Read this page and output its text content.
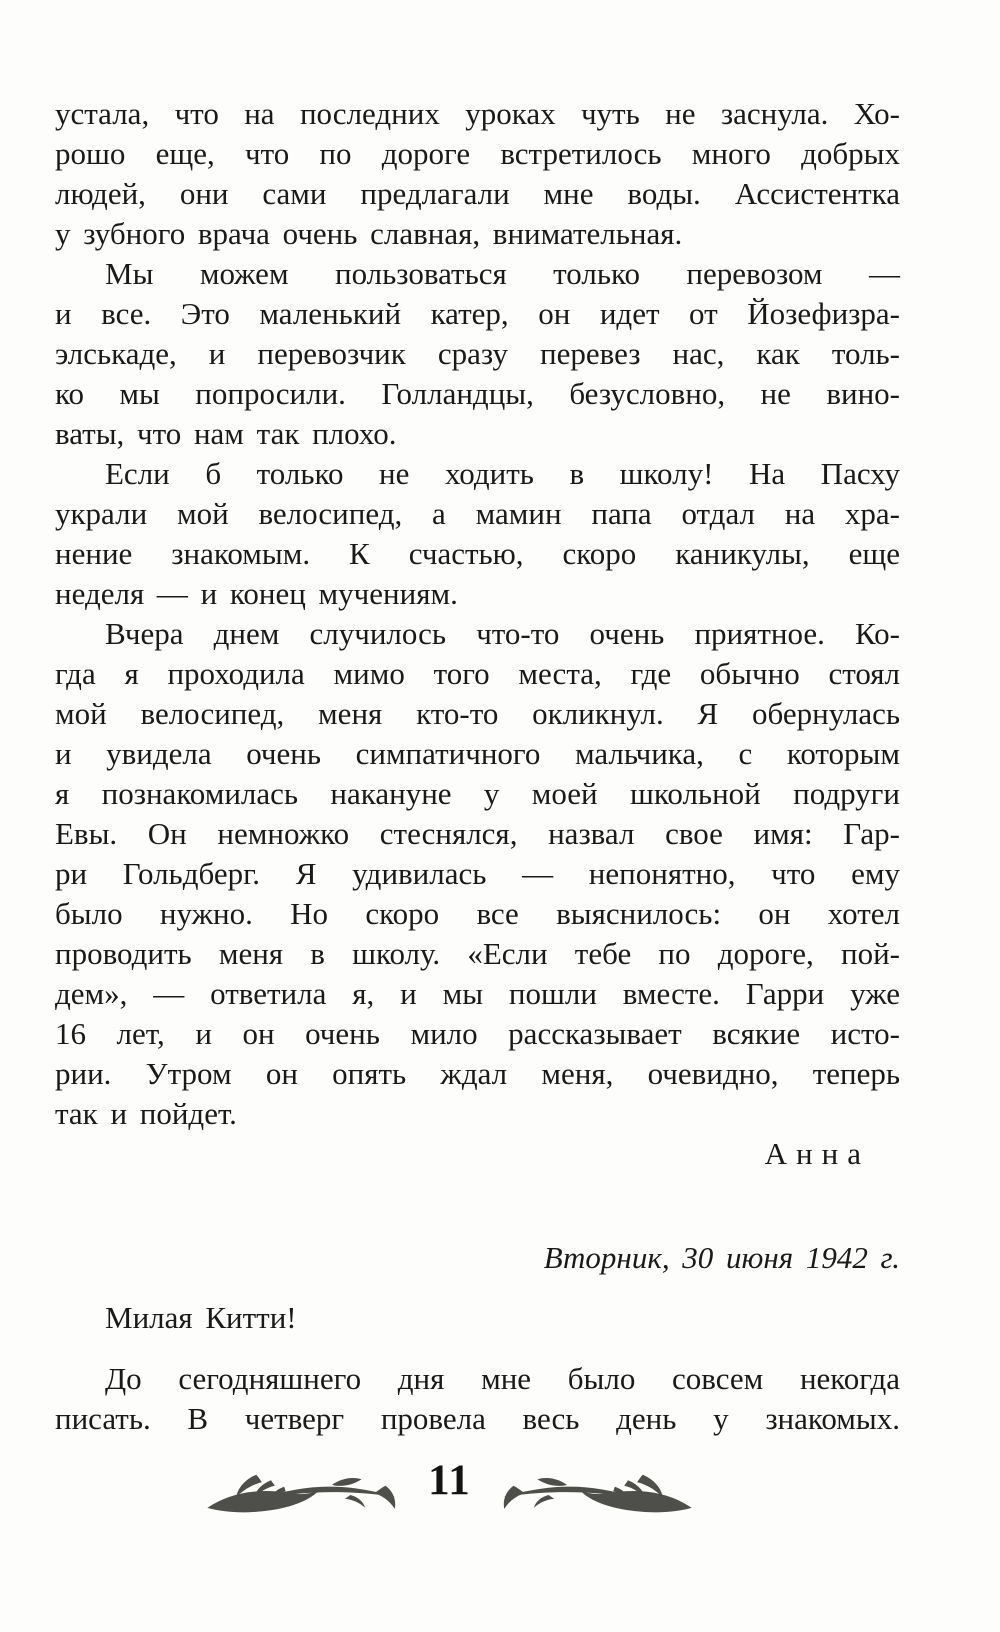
устала, что на последних уроках чуть не заснула. Хо-
рошо еще, что по дороге встретилось много добрых
людей, они сами предлагали мне воды. Ассистентка
у зубного врача очень славная, внимательная.
Мы можем пользоваться только перевозом —
и все. Это маленький катер, он идет от Йозефизра-
элськаде, и перевозчик сразу перевез нас, как толь-
ко мы попросили. Голландцы, безусловно, не вино-
ваты, что нам так плохо.
Если б только не ходить в школу! На Пасху
украли мой велосипед, а мамин папа отдал на хра-
нение знакомым. К счастью, скоро каникулы, еще
неделя — и конец мучениям.
Вчера днем случилось что-то очень приятное. Ко-
гда я проходила мимо того места, где обычно стоял
мой велосипед, меня кто-то окликнул. Я обернулась
и увидела очень симпатичного мальчика, с которым
я познакомилась накануне у моей школьной подруги
Евы. Он немножко стеснялся, назвал свое имя: Гар-
ри Гольдберг. Я удивилась — непонятно, что ему
было нужно. Но скоро все выяснилось: он хотел
проводить меня в школу. «Если тебе по дороге, пой-
дем», — ответила я, и мы пошли вместе. Гарри уже
16 лет, и он очень мило рассказывает всякие исто-
рии. Утром он опять ждал меня, очевидно, теперь
так и пойдет.
Анна
Вторник, 30 июня 1942 г.
Милая Китти!
До сегодняшнего дня мне было совсем некогда
писать. В четверг провела весь день у знакомых.
11
